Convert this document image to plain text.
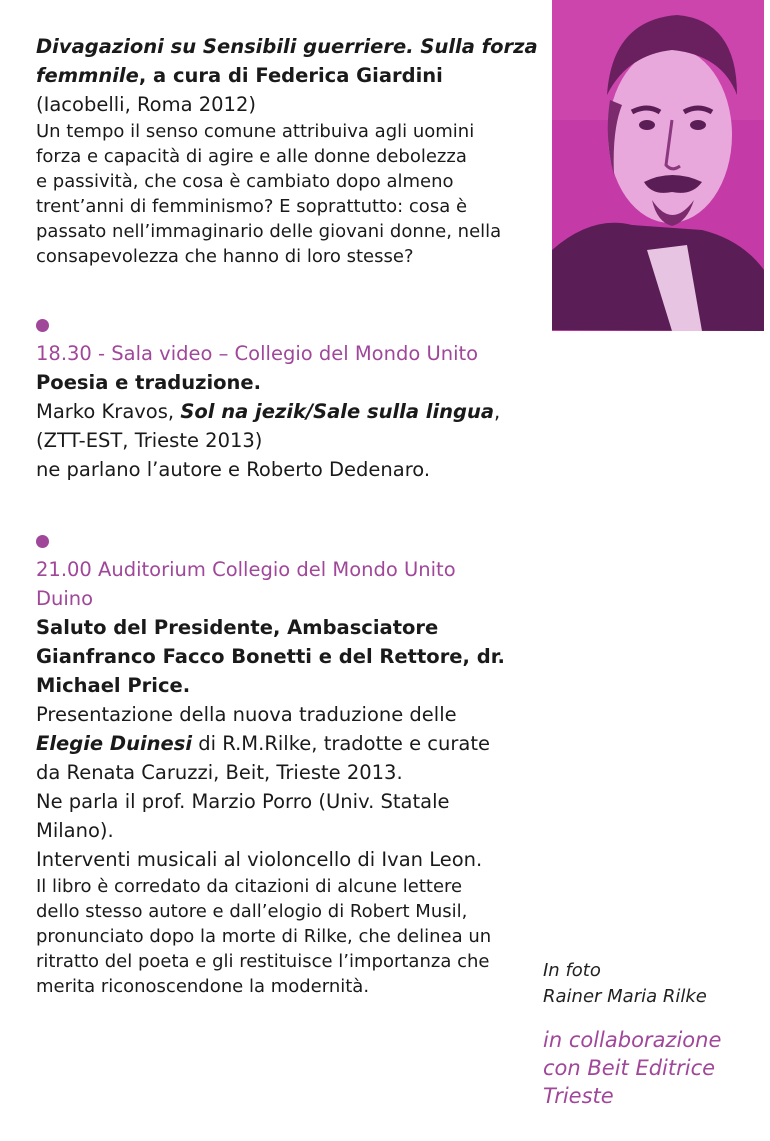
Divagazioni su Sensibili guerriere. Sulla forza femmnile, a cura di Federica Giardini

(Iacobelli, Roma 2012)

Un tempo il senso comune attribuiva agli uomini

forza e capacità di agire e alle donne debolezza

e passività, che cosa è cambiato dopo almeno

trent’anni di femminismo? E soprattutto: cosa è

passato nell’immaginario delle giovani donne, nella

consapevolezza che hanno di loro stesse?

18.30 - Sala video – Collegio del Mondo Unito

Poesia e traduzione.

Marko Kravos, Sol na jezik/Sale sulla lingua,

(ZTT-EST, Trieste 2013)

ne parlano l’autore e Roberto Dedenaro.

21.00 Auditorium Collegio del Mondo Unito

Duino

Saluto del Presidente, Ambasciatore

Gianfranco Facco Bonetti e del Rettore, dr.

Michael Price.

Presentazione della nuova traduzione delle

Elegie Duinesi di R.M.Rilke, tradotte e curate

da Renata Caruzzi, Beit, Trieste 2013.

Ne parla il prof. Marzio Porro (Univ. Statale

Milano).

Interventi musicali al violoncello di Ivan Leon.

Il libro è corredato da citazioni di alcune lettere

dello stesso autore e dall’elogio di Robert Musil,

pronunciato dopo la morte di Rilke, che delinea un

ritratto del poeta e gli restituisce l’importanza che

merita riconoscendone la modernità.

In foto
Rainer Maria Rilke
in collaborazione
con Beit Editrice
Trieste
